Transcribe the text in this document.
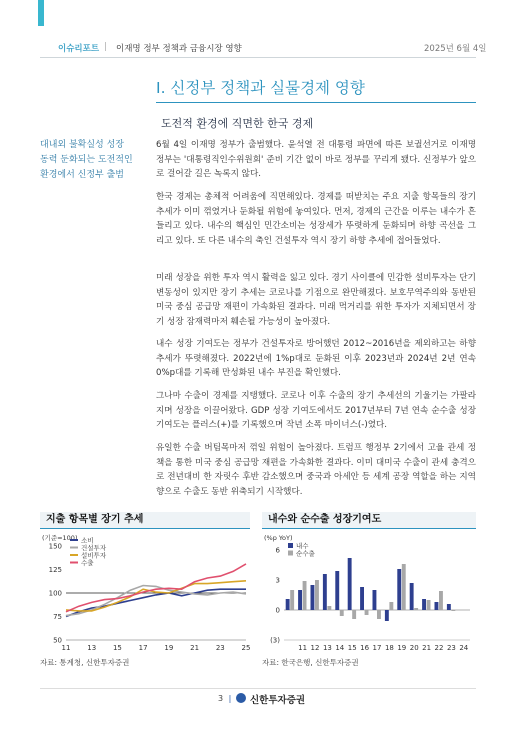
이슈리포트 | 이재명 정부 정책과 금융시장 영향	2025년 6월 4일
I. 신정부 정책과 실물경제 영향
도전적 환경에 직면한 한국 경제
대내외 불확실성 성장
동력 둔화되는 도전적인
환경에서 신정부 출범
6월 4일 이재명 정부가 출범했다. 윤석열 전 대통령 파면에 따른 보궐선거로 이재명 정부는 '대통령직인수위원회' 준비 기간 없이 바로 정부를 꾸리게 됐다. 신정부가 앞으로 걸어갈 길은 녹록지 않다.
한국 경제는 총체적 어려움에 직면해있다. 경제를 떠받치는 주요 지출 항목들의 장기 추세가 이미 꺾였거나 둔화될 위험에 놓여있다. 먼저, 경제의 근간을 이루는 내수가 흔들리고 있다. 내수의 핵심인 민간소비는 성장세가 뚜렷하게 둔화되며 하향 곡선을 그리고 있다. 또 다른 내수의 축인 건설투자 역시 장기 하향 추세에 접어들었다.
미래 성장을 위한 투자 역시 활력을 잃고 있다. 경기 사이클에 민감한 설비투자는 단기 변동성이 있지만 장기 추세는 코로나를 기점으로 완만해졌다. 보호무역주의와 동반된 미국 중심 공급망 재편이 가속화된 결과다. 미래 먹거리를 위한 투자가 지체되면서 장기 성장 잠재력마저 훼손될 가능성이 높아졌다.
내수 성장 기여도는 정부가 건설투자로 방어했던 2012~2016년을 제외하고는 하향 추세가 뚜렷해졌다. 2022년에 1%p대로 둔화된 이후 2023년과 2024년 2년 연속 0%p대를 기록해 만성화된 내수 부진을 확인했다.
그나마 수출이 경제를 지탱했다. 코로나 이후 수출의 장기 추세선의 기울기는 가팔라지며 성장을 이끌어왔다. GDP 성장 기여도에서도 2017년부터 7년 연속 순수출 성장기여도는 플러스(+)를 기록했으며 작년 소폭 마이너스(-)였다.
유일한 수출 버팀목마저 꺾일 위험이 높아졌다. 트럼프 행정부 2기에서 고율 관세 정책을 통한 미국 중심 공급망 재편을 가속화한 결과다. 이미 대미국 수출이 관세 충격으로 전년대비 한 자릿수 후반 감소했으며 중국과 아세안 등 세계 공장 역할을 하는 지역향으로 수출도 동반 위축되기 시작했다.
지출 항목별 장기 추세
(기준=100)
50
75
100
125
150
11 13 15 17 19 21 23 25
소비
건설투자
설비투자
수출
자료: 통계청, 신한투자증권
내수와 순수출 성장기여도
(%p YoY)
(3)
0
3
6
11 12 13 14 15 16 17 18 19 20 21 22 23 24
내수
순수출
자료: 한국은행, 신한투자증권
3 | 신한투자증권
